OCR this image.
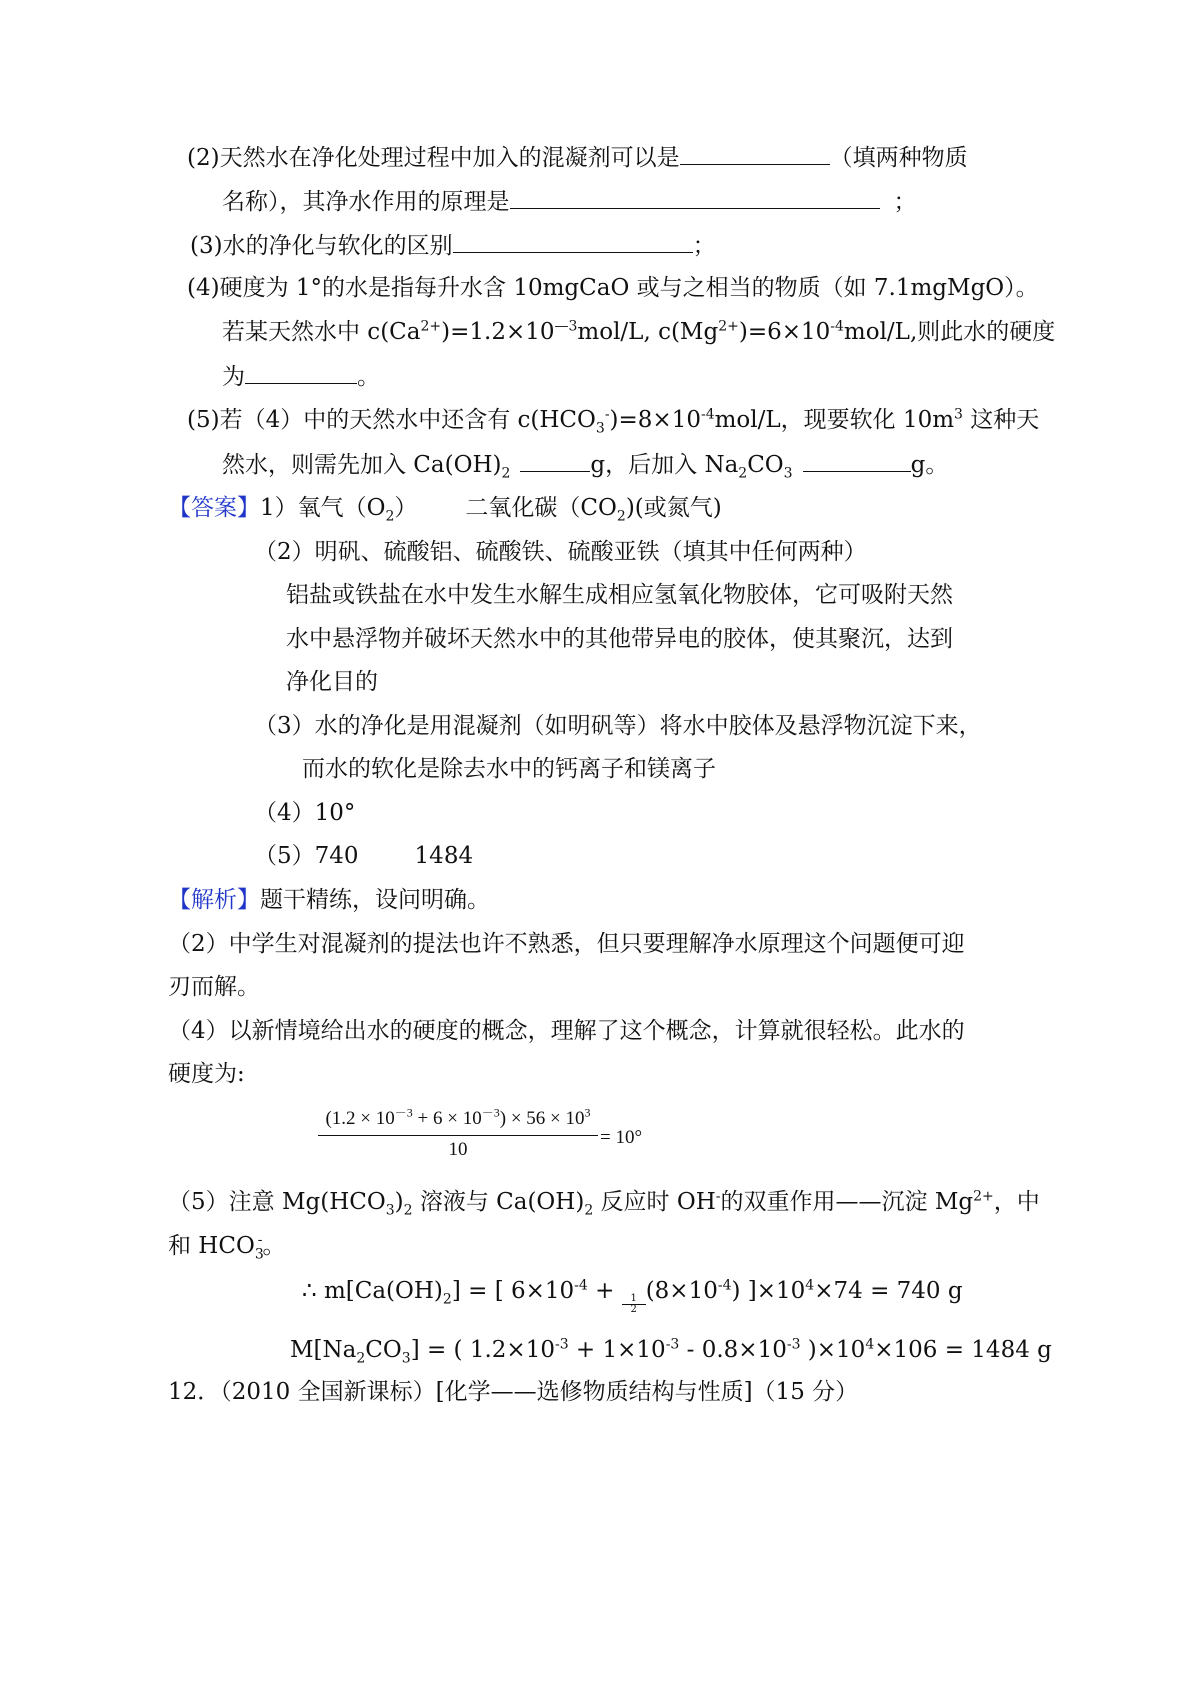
(2)天然水在净化处理过程中加入的混凝剂可以是	（填两种物质
名称），其净水作用的原理是	；
(3)水的净化与软化的区别	；
(4)硬度为 1°的水是指每升水含 10mgCaO 或与之相当的物质（如 7.1mgMgO）。
若某天然水中 $c(Ca^{2+})=1.2\times 10^{—3}mol/L$, $c(Mg^{2+})=6\times 10^{-4}mol/L$,则此水的硬度
为	。
(5)若（4）中的天然水中还含有 $c(HCO_3^-)=8\times 10^{-4}mol/L$，现要软化 $10m^3$ 这种天
然水，则需先加入 $Ca(OH)_2$	g，后加入 $Na_2CO_3$	g。
【答案】1）氧气$(O_2)$ 二氧化碳$(CO_2)$(或氮气)
（2）明矾、硫酸铝、硫酸铁、硫酸亚铁（填其中任何两种）
铝盐或铁盐在水中发生水解生成相应氢氧化物胶体，它可吸附天然
水中悬浮物并破坏天然水中的其他带异电的胶体，使其聚沉，达到
净化目的
（3）水的净化是用混凝剂（如明矾等）将水中胶体及悬浮物沉淀下来，
而水的软化是除去水中的钙离子和镁离子
（4）10°
（5）740 1484
【解析】题干精练，设问明确。
（2）中学生对混凝剂的提法也许不熟悉，但只要理解净水原理这个问题便可迎
刃而解。
（4）以新情境给出水的硬度的概念，理解了这个概念，计算就很轻松。此水的
硬度为:
$(1.2 \times 10^{-3} + 6 \times 10^{-3}) \times 56 \times 10^3$
10
= 10°
（5）注意 $Mg(HCO_3)_2$ 溶液与 $Ca(OH)_2$ 反应时 OH-的双重作用——沉淀 $Mg^{2+}$，中
和 $HCO_3^-$。
∴ $m[Ca(OH)_2]$ = [ $6\times 10^{-4}$ +
$\frac{1}{2}$
$(8\times 10^{-4}) ]\times 10^4\times 74 = 740$ g
$M[Na_2CO_3]$ = ( $1.2\times 10^{-3} + 1\times 10^{-3} - 0.8\times 10^{-3}$ )$\times 10^4\times 106 = 1484$ g
12．（2010 全国新课标）[化学——选修物质结构与性质]（15 分）
